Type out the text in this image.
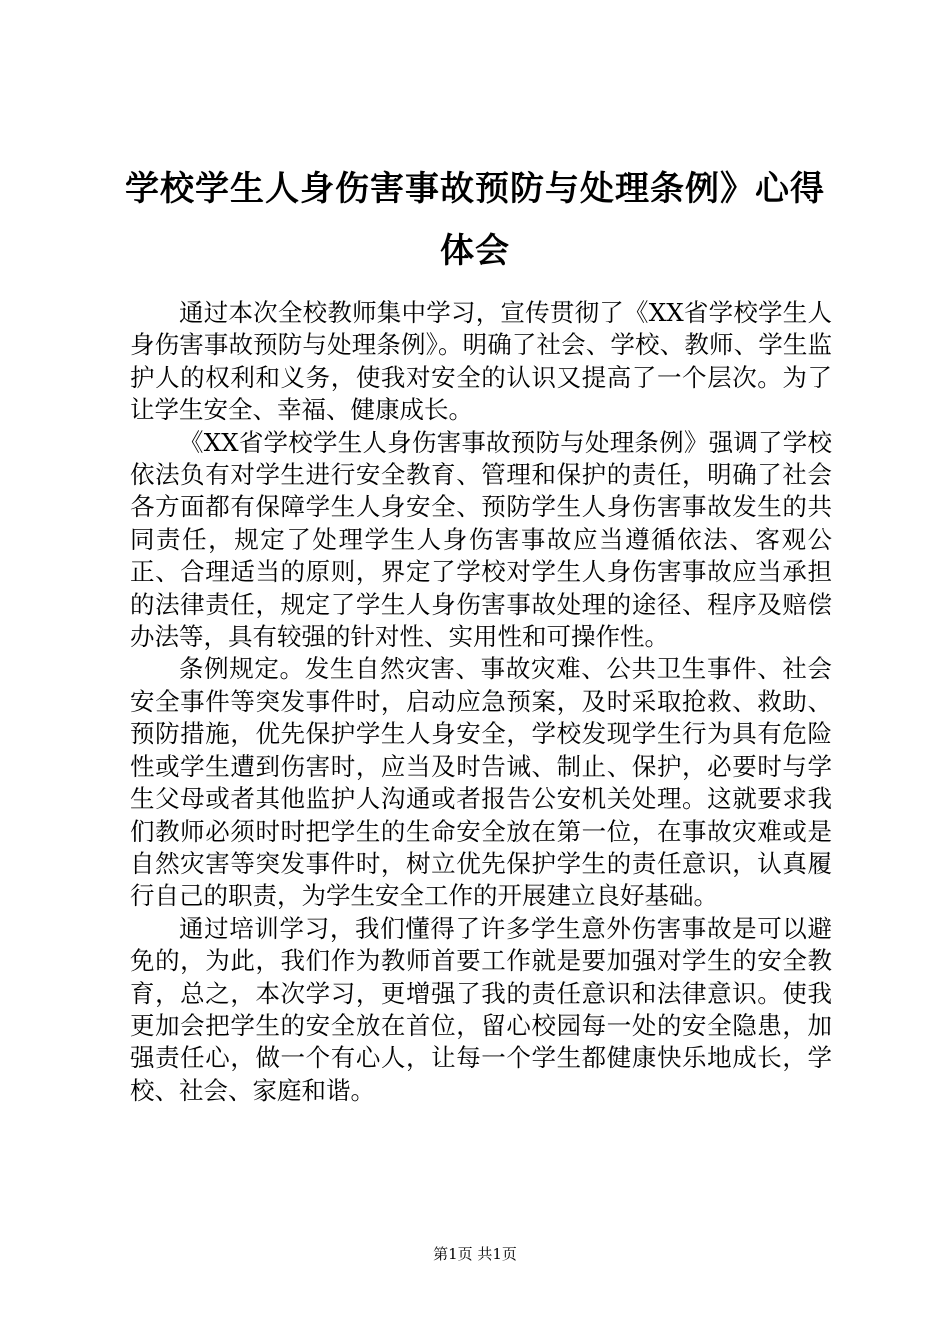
学校学生人身伤害事故预防与处理条例》心得体会

通过本次全校教师集中学习，宣传贯彻了《XX省学校学生人身伤害事故预防与处理条例》。明确了社会、学校、教师、学生监护人的权利和义务，使我对安全的认识又提高了一个层次。为了让学生安全、幸福、健康成长。

《XX省学校学生人身伤害事故预防与处理条例》强调了学校依法负有对学生进行安全教育、管理和保护的责任，明确了社会各方面都有保障学生人身安全、预防学生人身伤害事故发生的共同责任，规定了处理学生人身伤害事故应当遵循依法、客观公正、合理适当的原则，界定了学校对学生人身伤害事故应当承担的法律责任，规定了学生人身伤害事故处理的途径、程序及赔偿办法等，具有较强的针对性、实用性和可操作性。

条例规定。发生自然灾害、事故灾难、公共卫生事件、社会安全事件等突发事件时，启动应急预案，及时采取抢救、救助、预防措施，优先保护学生人身安全，学校发现学生行为具有危险性或学生遭到伤害时，应当及时告诫、制止、保护，必要时与学生父母或者其他监护人沟通或者报告公安机关处理。这就要求我们教师必须时时把学生的生命安全放在第一位，在事故灾难或是自然灾害等突发事件时，树立优先保护学生的责任意识，认真履行自己的职责，为学生安全工作的开展建立良好基础。

通过培训学习，我们懂得了许多学生意外伤害事故是可以避免的，为此，我们作为教师首要工作就是要加强对学生的安全教育，总之，本次学习，更增强了我的责任意识和法律意识。使我更加会把学生的安全放在首位，留心校园每一处的安全隐患，加强责任心，做一个有心人，让每一个学生都健康快乐地成长，学校、社会、家庭和谐。

第1页 共1页
